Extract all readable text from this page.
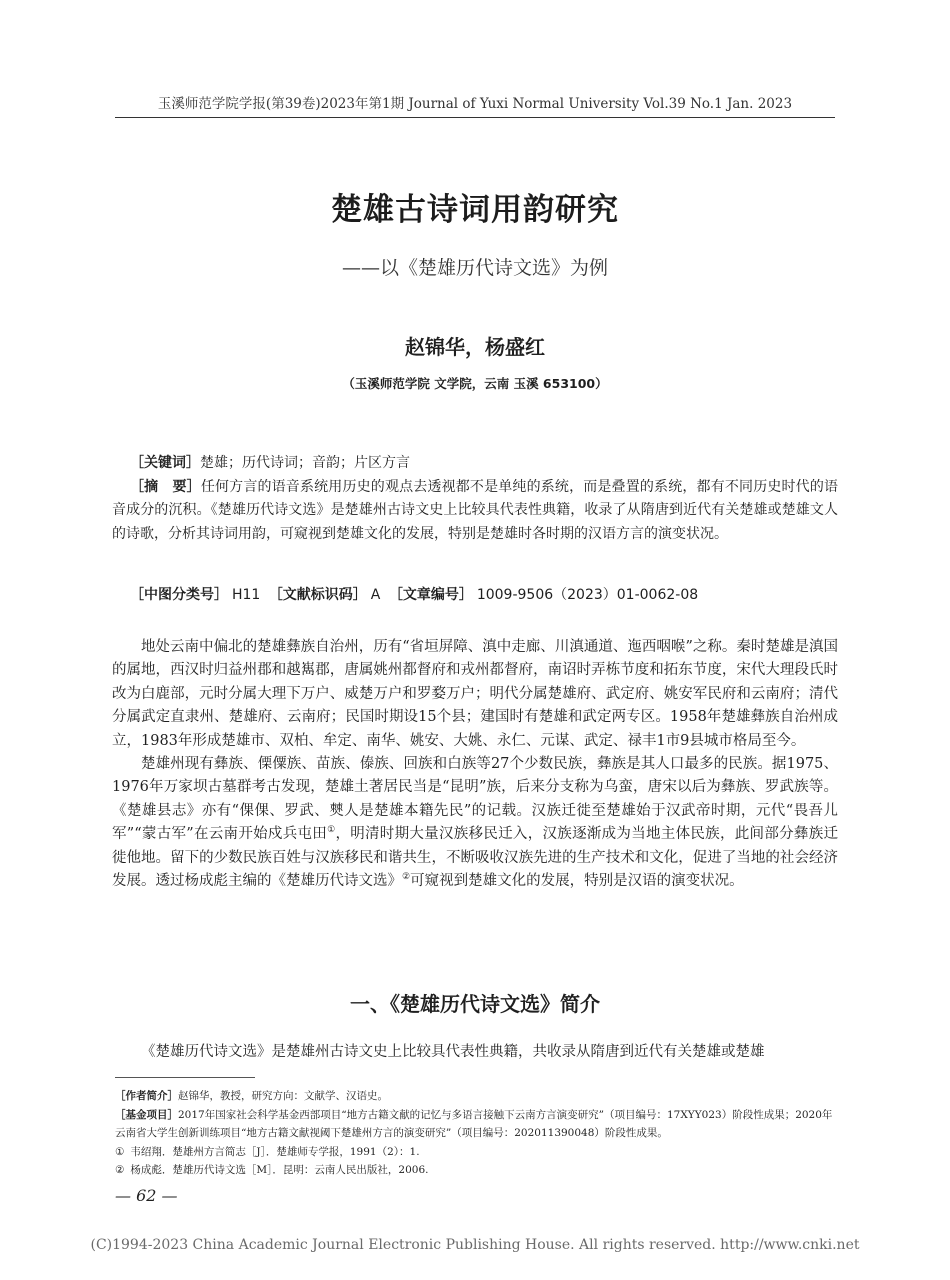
玉溪师范学院学报(第39卷)2023年第1期 Journal of Yuxi Normal University Vol.39 No.1 Jan. 2023
楚雄古诗词用韵研究
——以《楚雄历代诗文选》为例
赵锦华，杨盛红
（玉溪师范学院 文学院，云南 玉溪 653100）

［关键词］楚雄；历代诗词；音韵；片区方言

［摘　要］任何方言的语音系统用历史的观点去透视都不是单纯的系统，而是叠置的系统，都有不同历史时代的语音成分的沉积。《楚雄历代诗文选》是楚雄州古诗文史上比较具代表性典籍，收录了从隋唐到近代有关楚雄或楚雄文人的诗歌，分析其诗词用韵，可窥视到楚雄文化的发展，特别是楚雄时各时期的汉语方言的演变状况。

［中图分类号］ H11 ［文献标识码］ A ［文章编号］ 1009-9506（2023）01-0062-08

地处云南中偏北的楚雄彝族自治州，历有“省垣屏障、滇中走廊、川滇通道、迤西咽喉”之称。秦时楚雄是滇国的属地，西汉时归益州郡和越嶲郡，唐属姚州都督府和戎州都督府，南诏时弄栋节度和拓东节度，宋代大理段氏时改为白鹿部，元时分属大理下万户、威楚万户和罗婺万户；明代分属楚雄府、武定府、姚安军民府和云南府；清代分属武定直隶州、楚雄府、云南府；民国时期设15个县；建国时有楚雄和武定两专区。1958年楚雄彝族自治州成立，1983年形成楚雄市、双柏、牟定、南华、姚安、大姚、永仁、元谋、武定、禄丰1市9县城市格局至今。

楚雄州现有彝族、傈僳族、苗族、傣族、回族和白族等27个少数民族，彝族是其人口最多的民族。据1975、1976年万家坝古墓群考古发现，楚雄土著居民当是“昆明”族，后来分支称为乌蛮，唐宋以后为彝族、罗武族等。《楚雄县志》亦有“倮倮、罗武、僰人是楚雄本籍先民”的记载。汉族迁徙至楚雄始于汉武帝时期，元代“畏吾儿军”“蒙古军”在云南开始戍兵屯田①，明清时期大量汉族移民迁入，汉族逐渐成为当地主体民族，此间部分彝族迁徙他地。留下的少数民族百姓与汉族移民和谐共生，不断吸收汉族先进的生产技术和文化，促进了当地的社会经济发展。透过杨成彪主编的《楚雄历代诗文选》②可窥视到楚雄文化的发展，特别是汉语的演变状况。

一、《楚雄历代诗文选》简介
《楚雄历代诗文选》是楚雄州古诗文史上比较具代表性典籍，共收录从隋唐到近代有关楚雄或楚雄

［作者简介］赵锦华，教授，研究方向：文献学、汉语史。

［基金项目］2017年国家社会科学基金西部项目“地方古籍文献的记忆与多语言接触下云南方言演变研究”（项目编号：17XYY023）阶段性成果；2020年云南省大学生创新训练项目“地方古籍文献视阈下楚雄州方言的演变研究”（项目编号：202011390048）阶段性成果。

① 韦绍翔．楚雄州方言简志［J］．楚雄师专学报，1991（2）：1.

② 杨成彪．楚雄历代诗文选［M］．昆明：云南人民出版社，2006.

— 62 —
(C)1994-2023 China Academic Journal Electronic Publishing House. All rights reserved. http://www.cnki.net
